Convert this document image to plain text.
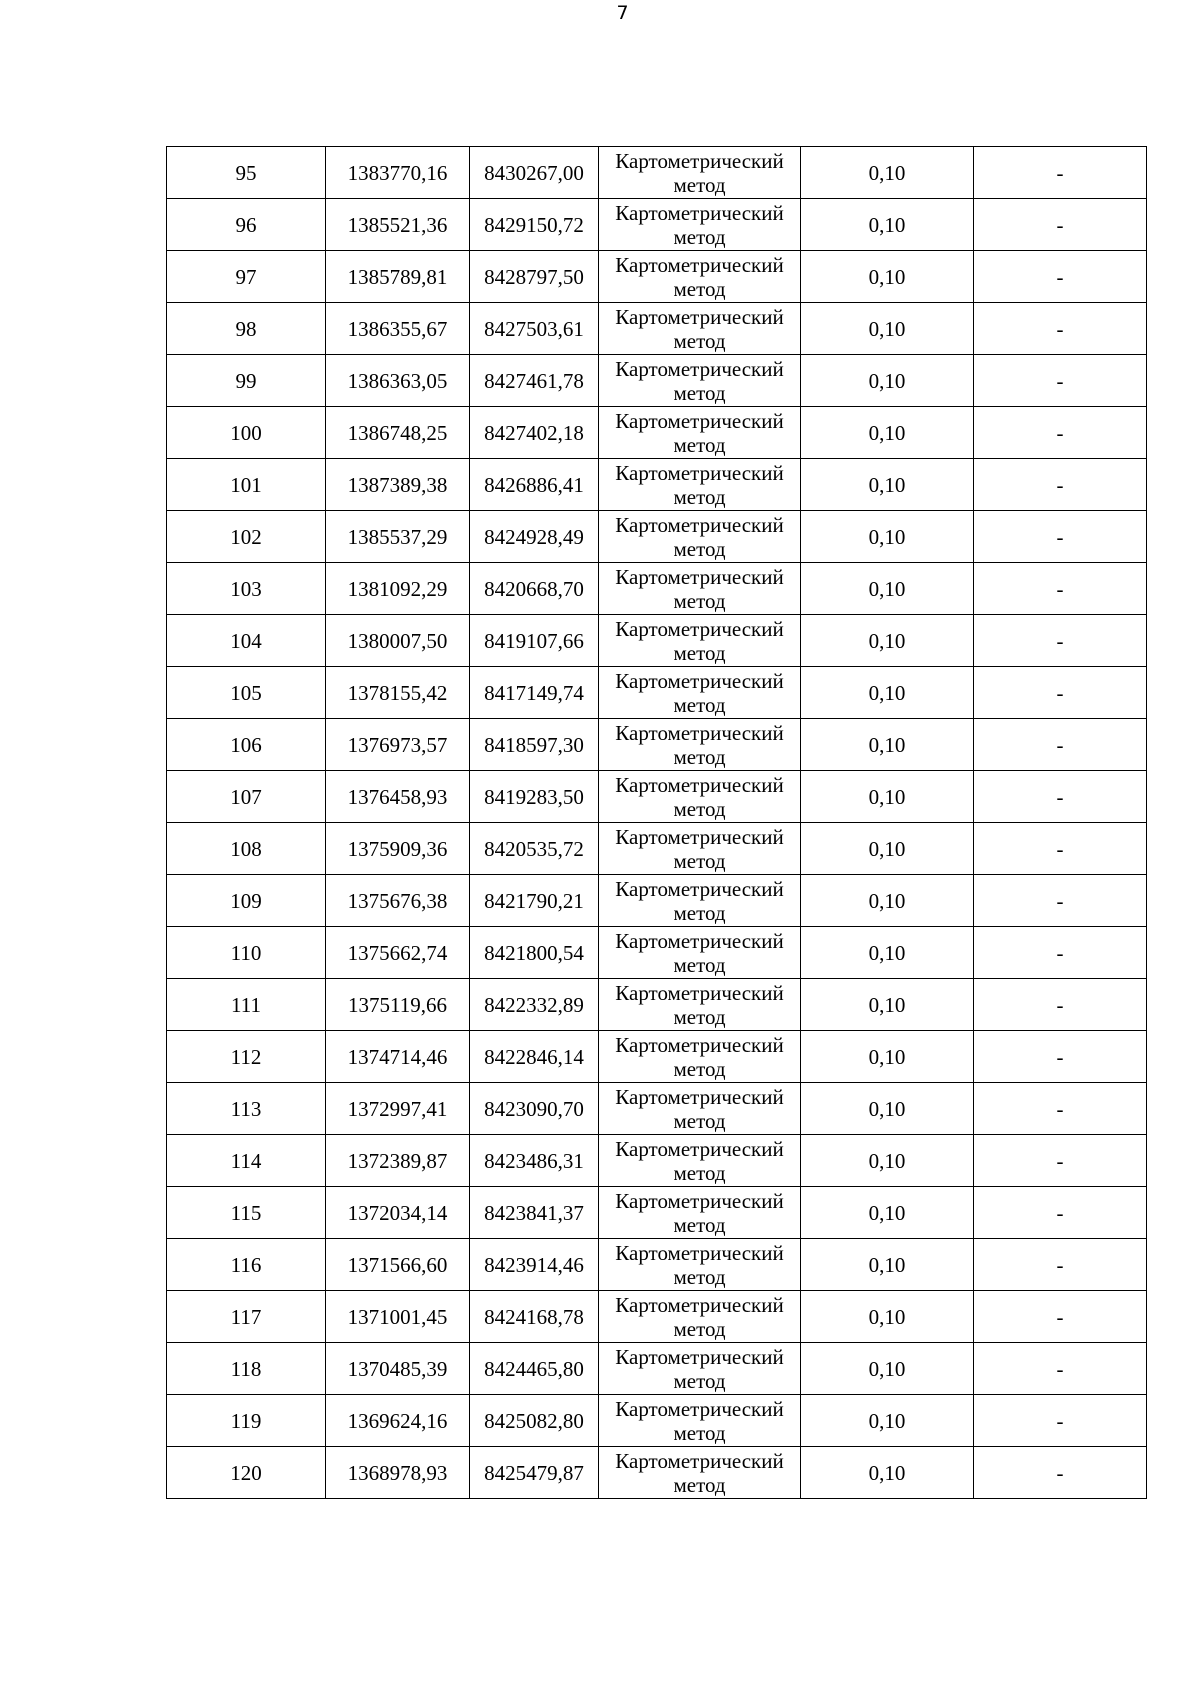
7
95	1383770,16	8430267,00	Картометрический метод	0,10	-
96	1385521,36	8429150,72	Картометрический метод	0,10	-
97	1385789,81	8428797,50	Картометрический метод	0,10	-
98	1386355,67	8427503,61	Картометрический метод	0,10	-
99	1386363,05	8427461,78	Картометрический метод	0,10	-
100	1386748,25	8427402,18	Картометрический метод	0,10	-
101	1387389,38	8426886,41	Картометрический метод	0,10	-
102	1385537,29	8424928,49	Картометрический метод	0,10	-
103	1381092,29	8420668,70	Картометрический метод	0,10	-
104	1380007,50	8419107,66	Картометрический метод	0,10	-
105	1378155,42	8417149,74	Картометрический метод	0,10	-
106	1376973,57	8418597,30	Картометрический метод	0,10	-
107	1376458,93	8419283,50	Картометрический метод	0,10	-
108	1375909,36	8420535,72	Картометрический метод	0,10	-
109	1375676,38	8421790,21	Картометрический метод	0,10	-
110	1375662,74	8421800,54	Картометрический метод	0,10	-
111	1375119,66	8422332,89	Картометрический метод	0,10	-
112	1374714,46	8422846,14	Картометрический метод	0,10	-
113	1372997,41	8423090,70	Картометрический метод	0,10	-
114	1372389,87	8423486,31	Картометрический метод	0,10	-
115	1372034,14	8423841,37	Картометрический метод	0,10	-
116	1371566,60	8423914,46	Картометрический метод	0,10	-
117	1371001,45	8424168,78	Картометрический метод	0,10	-
118	1370485,39	8424465,80	Картометрический метод	0,10	-
119	1369624,16	8425082,80	Картометрический метод	0,10	-
120	1368978,93	8425479,87	Картометрический метод	0,10	-
